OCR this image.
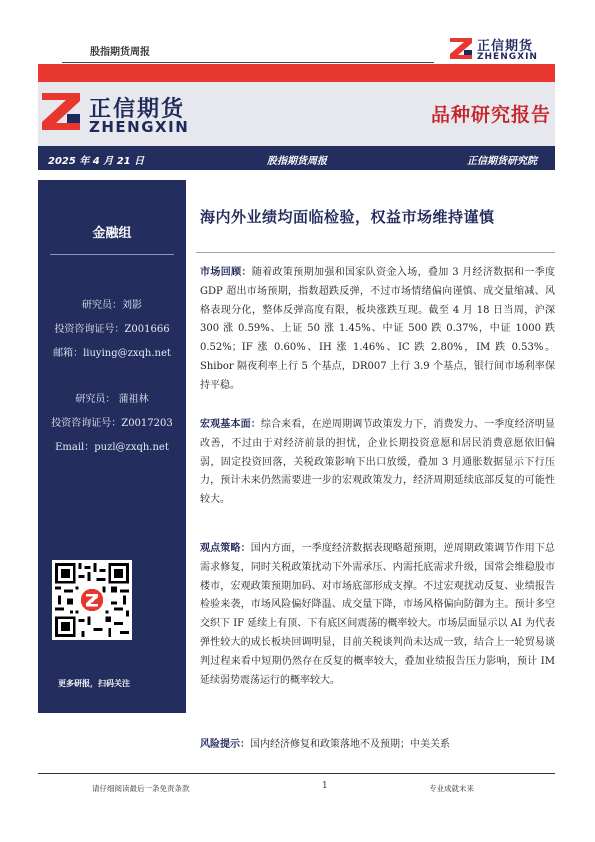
股指期货周报	正信期货
ZHENGXIN
正信期货
ZHENGXIN
品种研究报告
2025 年 4 月 21 日	股指期货周报	正信期货研究院
金融组
研究员：刘影
投资咨询证号：Z001666
邮箱：liuying@zxqh.net
研究员： 蒲祖林
投资咨询证号：Z0017203
Email：puzl@zxqh.net
更多研报，扫码关注
海内外业绩均面临检验，权益市场维持谨慎
市场回顾：随着政策预期加强和国家队资金入场，叠加 3 月经济数据和一季度 GDP 超出市场预期，指数超跌反弹，不过市场情绪偏向谨慎、成交量缩减、风格表现分化，整体反弹高度有限，板块涨跌互现。截至 4 月 18 日当周，沪深 300 涨 0.59%、上证 50 涨 1.45%、中证 500 跌 0.37%，中证 1000 跌 0.52%；IF 涨 0.60%、IH 涨 1.46%、IC 跌 2.80%，IM 跌 0.53%。Shibor 隔夜利率上行 5 个基点，DR007 上行 3.9 个基点，银行间市场利率保持平稳。
宏观基本面：综合来看，在逆周期调节政策发力下，消费发力、一季度经济明显改善，不过由于对经济前景的担忧，企业长期投资意愿和居民消费意愿依旧偏弱，固定投资回落，关税政策影响下出口放缓，叠加 3 月通胀数据显示下行压力，预计未来仍然需要进一步的宏观政策发力，经济周期延续底部反复的可能性较大。
观点策略：国内方面，一季度经济数据表现略超预期，逆周期政策调节作用下总需求修复，同时关税政策扰动下外需承压、内需托底需求升级，国常会维稳股市楼市，宏观政策预期加码、对市场底部形成支撑。不过宏观扰动反复、业绩报告检验来袭，市场风险偏好降温、成交量下降，市场风格偏向防御为主。预计多空交织下 IF 延续上有顶、下有底区间震荡的概率较大。市场层面显示以 AI 为代表弹性较大的成长板块回调明显，目前关税谈判尚未达成一致，结合上一轮贸易谈判过程来看中短期仍然存在反复的概率较大，叠加业绩报告压力影响，预计 IM 延续弱势震荡运行的概率较大。
风险提示：国内经济修复和政策落地不及预期；中美关系
请仔细阅读最后一条免责条款	1	专业成就未来
